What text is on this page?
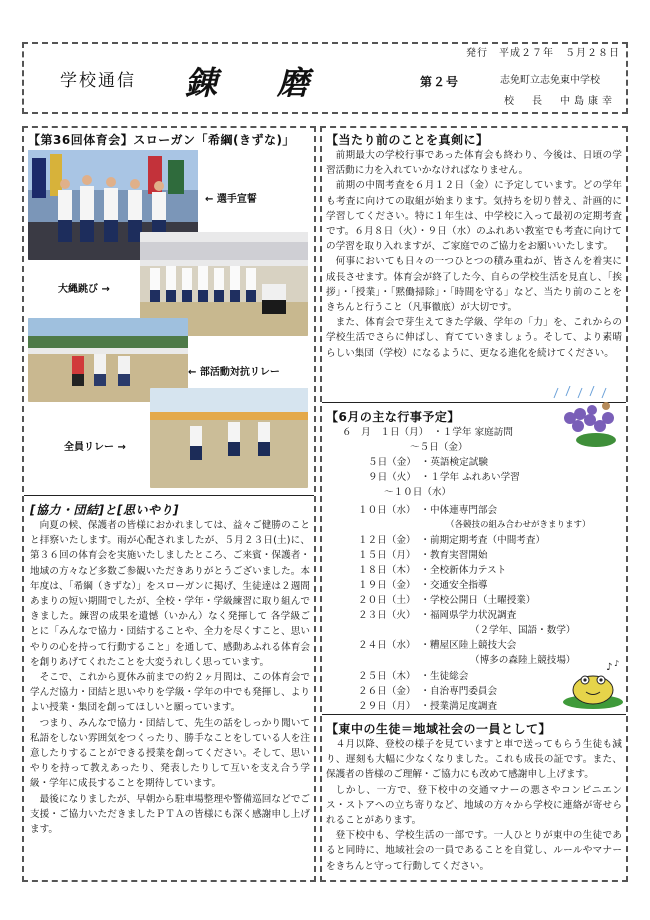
発行　平成２７年　５月２８日
学校通信 錬　磨	第２号	志免町立志免東中学校
校　長　中島康幸
【第36回体育会】スローガン「希綱(きずな)」
← 選手宣誓
大縄跳び →
← 部活動対抗リレー
全員リレー →
[協力・団結]と[思いやり]

向夏の候、保護者の皆様におかれましては、益々ご健勝のことと拝察いたします。雨が心配されましたが、５月２３日(土)に、第３６回の体育会を実施いたしましたところ、ご来賓・保護者・地域の方々など多数ご参観いただきありがとうございました。本年度は、「希綱（きずな）」をスローガンに掲げ、生徒達は２週間あまりの短い期間でしたが、全校・学年・学級練習に取り組んできました。練習の成果を遺憾（いかん）なく発揮して 各学級ごとに「みんなで協力・団結することや、全力を尽くすこと、思いやりの心を持って行動すること」を通して、感動あふれる体育会を創りあげてくれたことを大変うれしく思っています。

そこで、これから夏休み前までの約２ヶ月間は、この体育会で学んだ協力・団結と思いやりを学級・学年の中でも発揮し、よりよい授業・集団を創ってほしいと願っています。

つまり、みんなで協力・団結して、先生の話をしっかり聞いて私語をしない雰囲気をつくったり、勝手なことをしている人を注意したりすることができる授業を創ってください。そして、思いやりを持って教えあったり、発表したりして互いを支え合う学級・学年に成長することを期待しています。

最後になりましたが、早朝から駐車場整理や警備巡回などでご支援・ご協力いただきましたＰＴＡの皆様にも深く感謝申し上げます。

【当たり前のことを真剣に】

前期最大の学校行事であった体育会も終わり、今後は、日頃の学習活動に力を入れていかなければなりません。

前期の中間考査を６月１２日（金）に予定しています。どの学年も考査に向けての取組が始まります。気持ちを切り替え、計画的に学習してください。特に１年生は、中学校に入って最初の定期考査です。６月８日（火）・９日（水）のふれあい教室でも考査に向けての学習を取り入れますが、ご家庭でのご協力をお願いいたします。

何事においても日々の一つひとつの積み重ねが、皆さんを着実に成長させます。体育会が終了した今、自らの学校生活を見直し、「挨拶」・「授業」・「黙働掃除」・「時間を守る」など、当たり前のことをきちんと行うこと（凡事徹底）が大切です。

また、体育会で芽生えてきた学級、学年の「力」を、これからの学校生活でさらに伸ばし、育てていきましょう。そして、より素晴らしい集団（学校）になるように、更なる進化を続けてください。

【6月の主な行事予定】
６　月　１日（月）　 ・１学年 家庭訪問
～５日（金）
５日（金）　 ・英語検定試験
９日（火）　 ・１学年 ふれあい学習
～１０日（水）
１０日（水）　 ・中体連専門部会
（各競技の組み合わせがきまります）
１２日（金）　 ・前期定期考査（中間考査）
１５日（月）　 ・教育実習開始
１８日（木）　 ・全校新体力テスト
１９日（金）　 ・交通安全指導
２０日（土）　 ・学校公開日（土曜授業）
２３日（火）　 ・福岡県学力状況調査
（２学年、国語・数学）
２４日（水）　 ・糟屋区陸上競技大会
（博多の森陸上競技場）
２５日（木）　 ・生徒総会
２６日（金）　 ・自治専門委員会
２９日（月）　 ・授業満足度調査
♪ ♪
【東中の生徒＝地域社会の一員として】

４月以降、登校の様子を見ていますと車で送ってもらう生徒も減り、遅刻も大幅に少なくなりました。これも成長の証です。また、保護者の皆様のご理解・ご協力にも改めて感謝申し上げます。

しかし、一方で、登下校中の交通マナーの悪さやコンビニエンス・ストアへの立ち寄りなど、地域の方々から学校に連絡が寄せられることがあります。

登下校中も、学校生活の一部です。一人ひとりが東中の生徒であると同時に、地域社会の一員であることを自覚し、ルールやマナーをきちんと守って行動してください。
